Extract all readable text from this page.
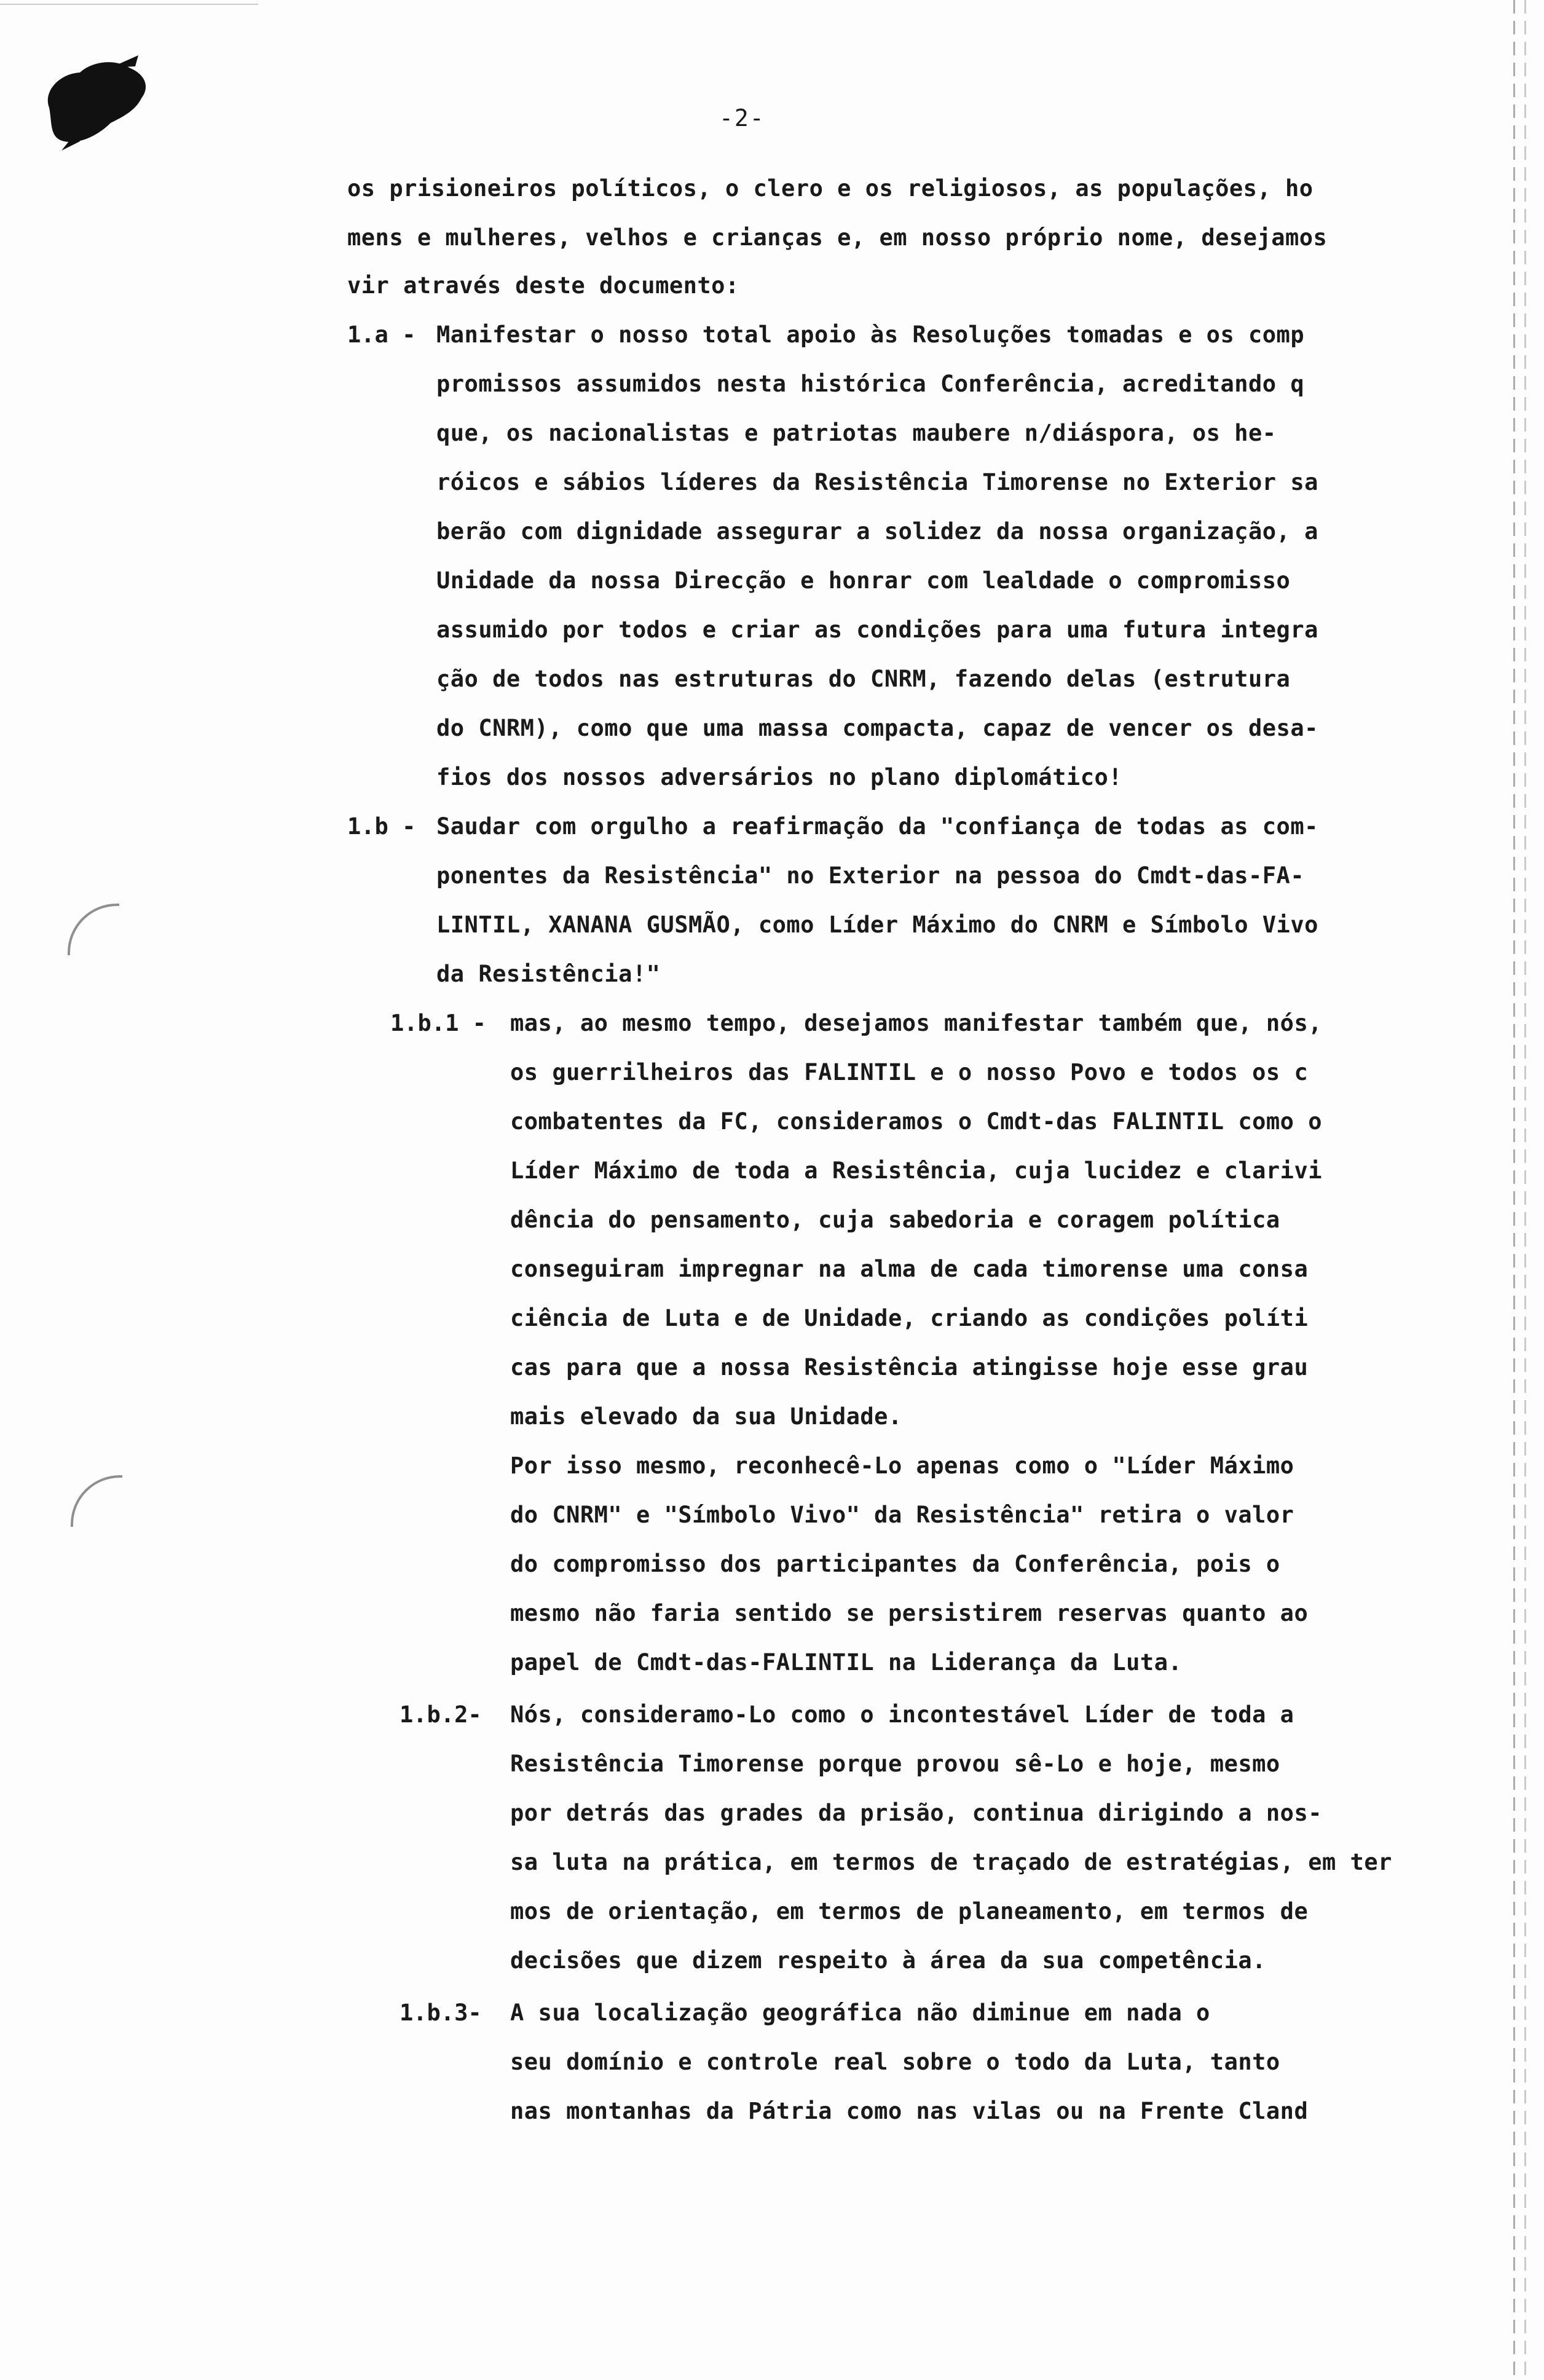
-2-
os prisioneiros políticos, o clero e os religiosos, as populações, ho
mens e mulheres, velhos e crianças e, em nosso próprio nome, desejamos
vir através deste documento:
1.a - Manifestar o nosso total apoio às Resoluções tomadas e os comp
promissos assumidos nesta histórica Conferência, acreditando q
que, os nacionalistas e patriotas maubere n/diáspora, os he-
róicos e sábios líderes da Resistência Timorense no Exterior sa
berão com dignidade assegurar a solidez da nossa organização, a
Unidade da nossa Direcção e honrar com lealdade o compromisso
assumido por todos e criar as condições para uma futura integra
ção de todos nas estruturas do CNRM, fazendo delas (estrutura
do CNRM), como que uma massa compacta, capaz de vencer os desa-
fios dos nossos adversários no plano diplomático!
1.b - Saudar com orgulho a reafirmação da "confiança de todas as com-
ponentes da Resistência" no Exterior na pessoa do Cmdt-das-FA-
LINTIL, XANANA GUSMÃO, como Líder Máximo do CNRM e Símbolo Vivo
da Resistência!"
1.b.1 - mas, ao mesmo tempo, desejamos manifestar também que, nós,
os guerrilheiros das FALINTIL e o nosso Povo e todos os c
combatentes da FC, consideramos o Cmdt-das FALINTIL como o
Líder Máximo de toda a Resistência, cuja lucidez e clarivi
dência do pensamento, cuja sabedoria e coragem política
conseguiram impregnar na alma de cada timorense uma consa
ciência de Luta e de Unidade, criando as condições políti
cas para que a nossa Resistência atingisse hoje esse grau
mais elevado da sua Unidade.
Por isso mesmo, reconhecê-Lo apenas como o "Líder Máximo
do CNRM" e "Símbolo Vivo" da Resistência" retira o valor
do compromisso dos participantes da Conferência, pois o
mesmo não faria sentido se persistirem reservas quanto ao
papel de Cmdt-das-FALINTIL na Liderança da Luta.
1.b.2- Nós, consideramo-Lo como o incontestável Líder de toda a
Resistência Timorense porque provou sê-Lo e hoje, mesmo
por detrás das grades da prisão, continua dirigindo a nos-
sa luta na prática, em termos de traçado de estratégias, em ter
mos de orientação, em termos de planeamento, em termos de
decisões que dizem respeito à área da sua competência.
1.b.3- A sua localização geográfica não diminue em nada o
seu domínio e controle real sobre o todo da Luta, tanto
nas montanhas da Pátria como nas vilas ou na Frente Cland
